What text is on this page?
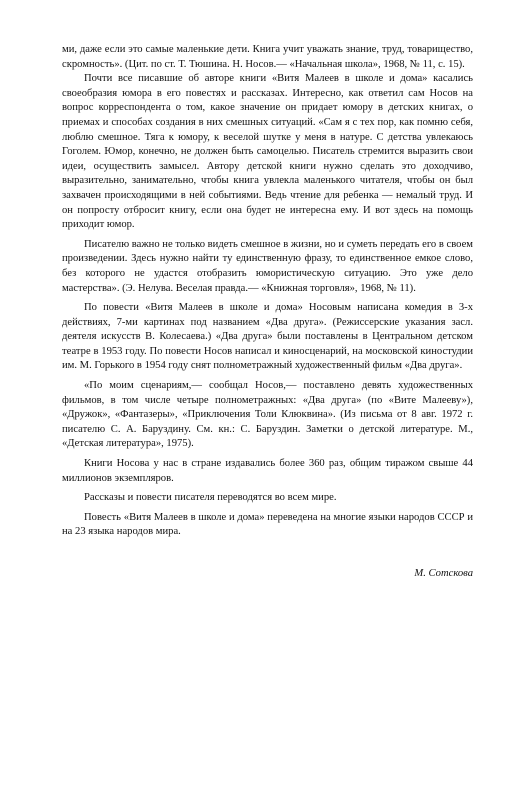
ми, даже если это самые маленькие дети. Книга учит уважать знание, труд, товарищество, скромность». (Цит. по ст. Т. Тюшина. Н. Носов.— «Начальная школа», 1968, № 11, с. 15).

Почти все писавшие об авторе книги «Витя Малеев в школе и дома» касались своеобразия юмора в его повестях и рассказах. Интересно, как ответил сам Носов на вопрос корреспондента о том, какое значение он придает юмору в детских книгах, о приемах и способах создания в них смешных ситуаций. «Сам я с тех пор, как помню себя, люблю смешное. Тяга к юмору, к веселой шутке у меня в натуре. С детства увлекаюсь Гоголем. Юмор, конечно, не должен быть самоцелью. Писатель стремится выразить свои идеи, осуществить замысел. Автору детской книги нужно сделать это доходчиво, выразительно, занимательно, чтобы книга увлекла маленького читателя, чтобы он был захвачен происходящими в ней событиями. Ведь чтение для ребенка — немалый труд. И он попросту отбросит книгу, если она будет не интересна ему. И вот здесь на помощь приходит юмор.

Писателю важно не только видеть смешное в жизни, но и суметь передать его в своем произведении. Здесь нужно найти ту единственную фразу, то единственное емкое слово, без которого не удастся отобразить юмористическую ситуацию. Это уже дело мастерства». (Э. Нелува. Веселая правда.— «Книжная торговля», 1968, № 11).

По повести «Витя Малеев в школе и дома» Носовым написана комедия в 3-х действиях, 7-ми картинах под названием «Два друга». (Режиссерские указания засл. деятеля искусств В. Колесаева.) «Два друга» были поставлены в Центральном детском театре в 1953 году. По повести Носов написал и киносценарий, на московской киностудии им. М. Горького в 1954 году снят полнометражный художественный фильм «Два друга».

«По моим сценариям,— сообщал Носов,— поставлено девять художественных фильмов, в том числе четыре полнометражных: «Два друга» (по «Вите Малееву»), «Дружок», «Фантазеры», «Приключения Толи Клюквина». (Из письма от 8 авг. 1972 г. писателю С. А. Баруздину. См. кн.: С. Баруздин. Заметки о детской литературе. М., «Детская литература», 1975).

Книги Носова у нас в стране издавались более 360 раз, общим тиражом свыше 44 миллионов экземпляров.

Рассказы и повести писателя переводятся во всем мире.

Повесть «Витя Малеев в школе и дома» переведена на многие языки народов СССР и на 23 языка народов мира.

М. Сотскова
